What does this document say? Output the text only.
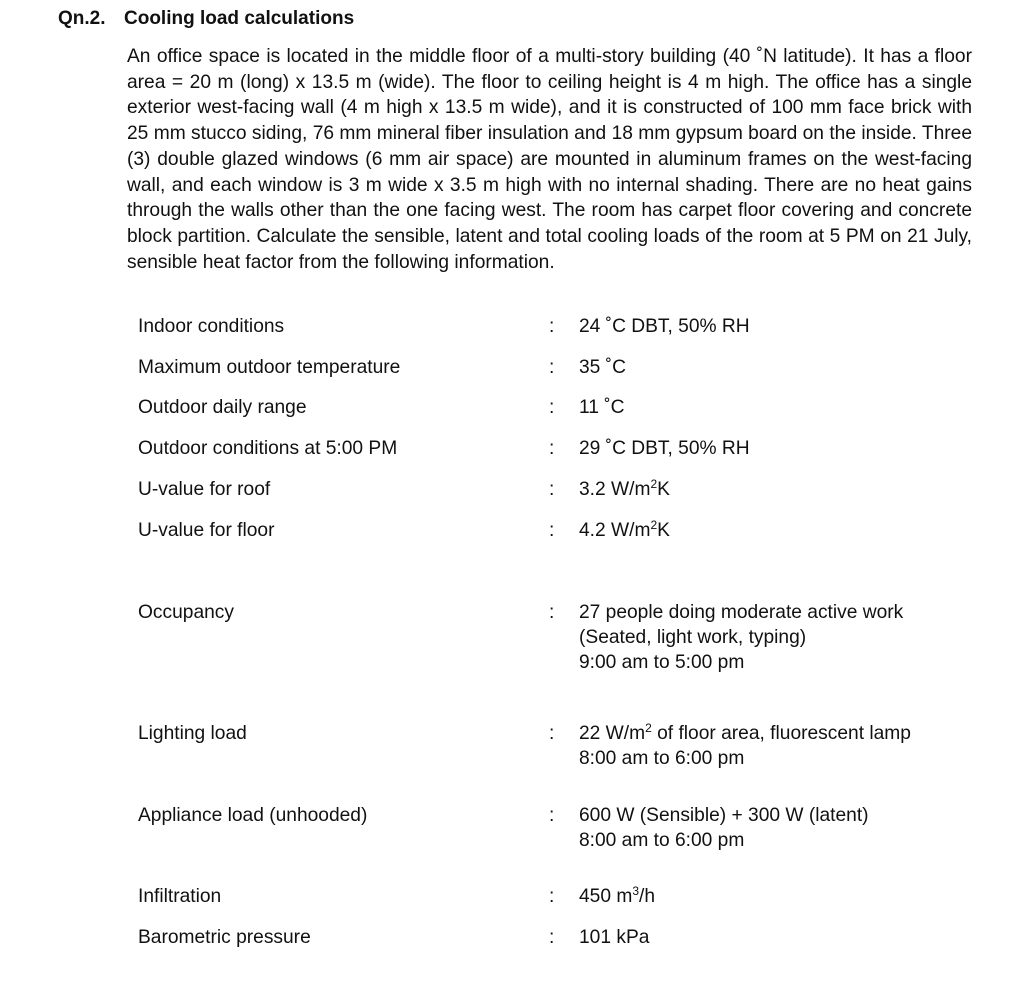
Qn.2. Cooling load calculations
An office space is located in the middle floor of a multi-story building (40 ˚N latitude). It has a floor area = 20 m (long) x 13.5 m (wide). The floor to ceiling height is 4 m high. The office has a single exterior west-facing wall (4 m high x 13.5 m wide), and it is constructed of 100 mm face brick with 25 mm stucco siding, 76 mm mineral fiber insulation and 18 mm gypsum board on the inside. Three (3) double glazed windows (6 mm air space) are mounted in aluminum frames on the west-facing wall, and each window is 3 m wide x 3.5 m high with no internal shading. There are no heat gains through the walls other than the one facing west. The room has carpet floor covering and concrete block partition. Calculate the sensible, latent and total cooling loads of the room at 5 PM on 21 July, sensible heat factor from the following information.
Indoor conditions	: 24 ˚C DBT, 50% RH
Maximum outdoor temperature	: 35 ˚C
Outdoor daily range	: 11 ˚C
Outdoor conditions at 5:00 PM	: 29 ˚C DBT, 50% RH
U-value for roof	: 3.2 $W/m^2K$
U-value for floor	: 4.2 $W/m^2K$
Occupancy	: 27 people doing moderate active work
(Seated, light work, typing)
9:00 am to 5:00 pm
Lighting load	: 22 $W/m^2$ of floor area, fluorescent lamp
8:00 am to 6:00 pm
Appliance load (unhooded)	: 600 W (Sensible) + 300 W (latent)
8:00 am to 6:00 pm
Infiltration	: 450 $m^3/h$
Barometric pressure	: 101 kPa
